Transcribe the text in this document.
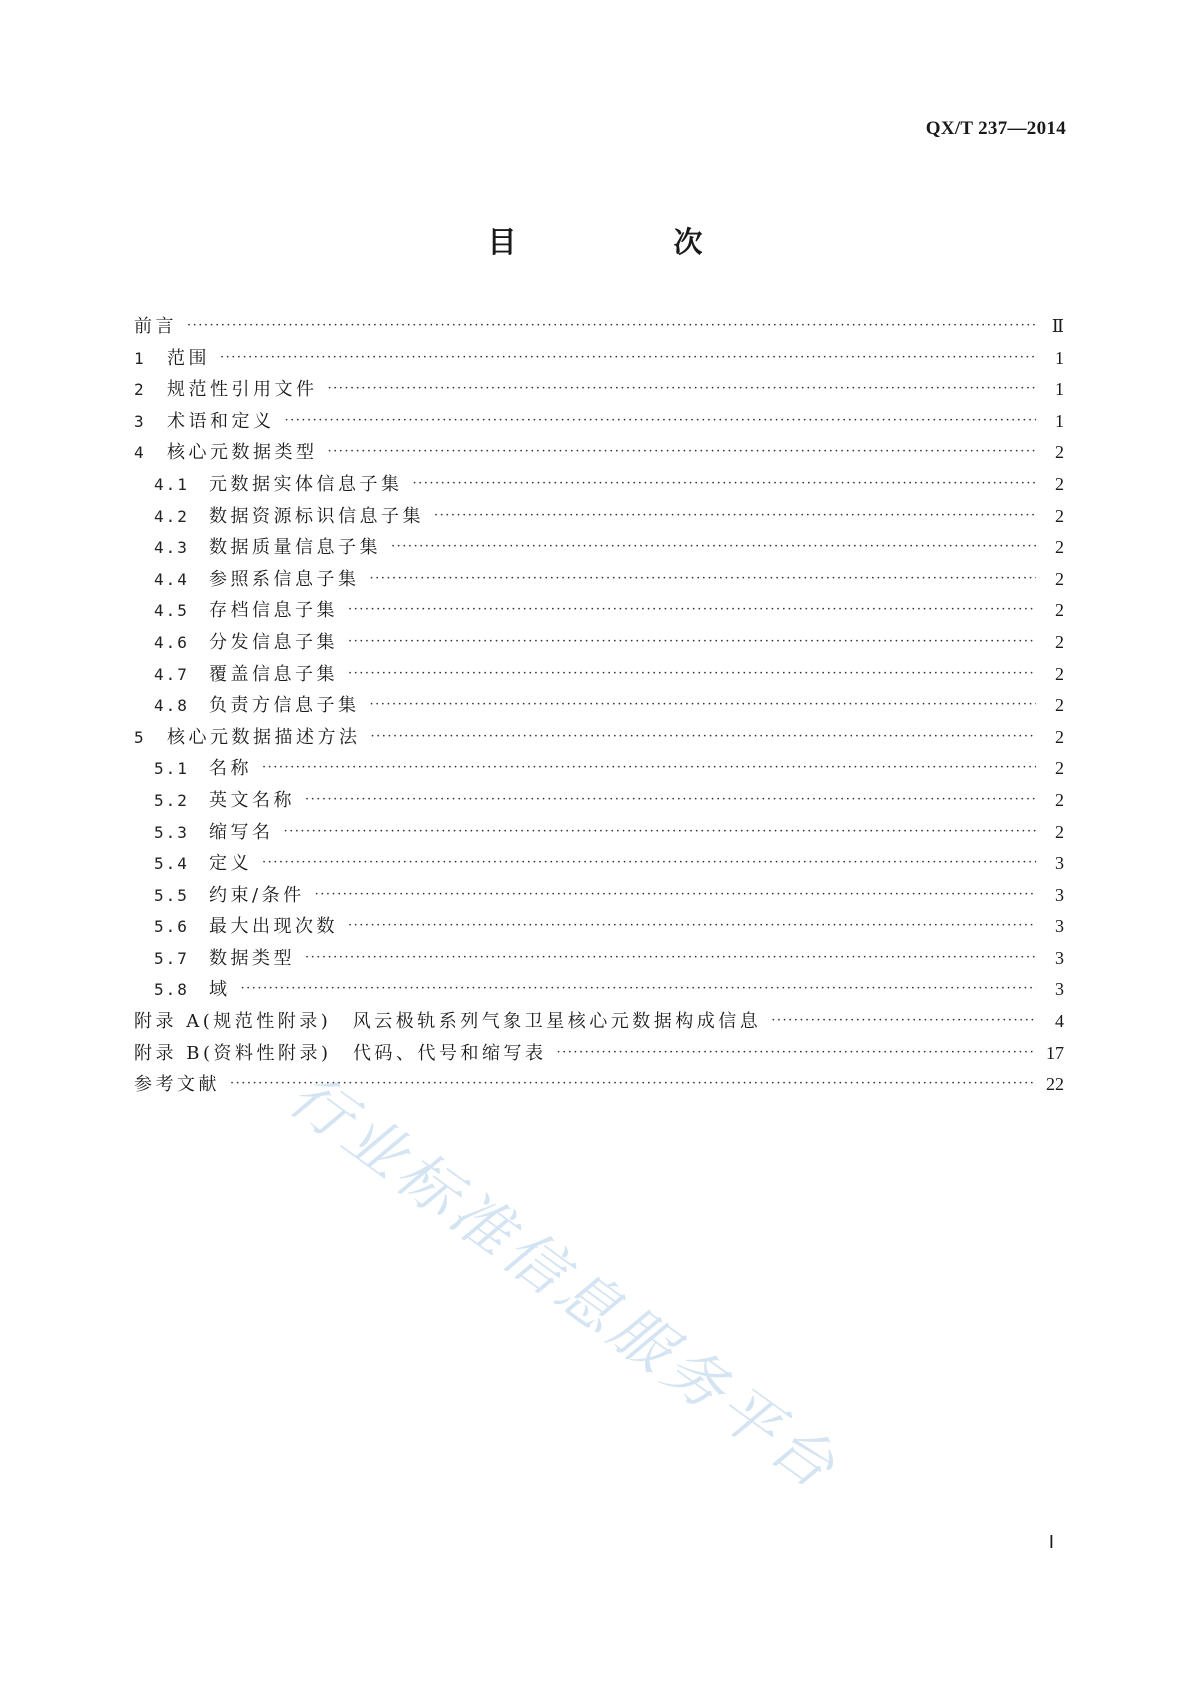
QX/T 237—2014
目　次
前言 ·····	Ⅱ
1	范围 ·····	1
2	规范性引用文件 ·····	1
3	术语和定义 ·····	1
4	核心元数据类型 ·····	2
4.1	元数据实体信息子集 ·····	2
4.2	数据资源标识信息子集 ·····	2
4.3	数据质量信息子集 ·····	2
4.4	参照系信息子集 ·····	2
4.5	存档信息子集 ·····	2
4.6	分发信息子集 ·····	2
4.7	覆盖信息子集 ·····	2
4.8	负责方信息子集 ·····	2
5	核心元数据描述方法 ·····	2
5.1	名称 ·····	2
5.2	英文名称 ·····	2
5.3	缩写名 ·····	2
5.4	定义 ·····	3
5.5	约束/条件 ·····	3
5.6	最大出现次数 ·····	3
5.7	数据类型 ·····	3
5.8	域 ·····	3
附录 A(规范性附录)　风云极轨系列气象卫星核心元数据构成信息 ·····	4
附录 B(资料性附录)　代码、代号和缩写表 ·····	17
参考文献 ·····	22
行业标准信息服务平台
Ⅰ
